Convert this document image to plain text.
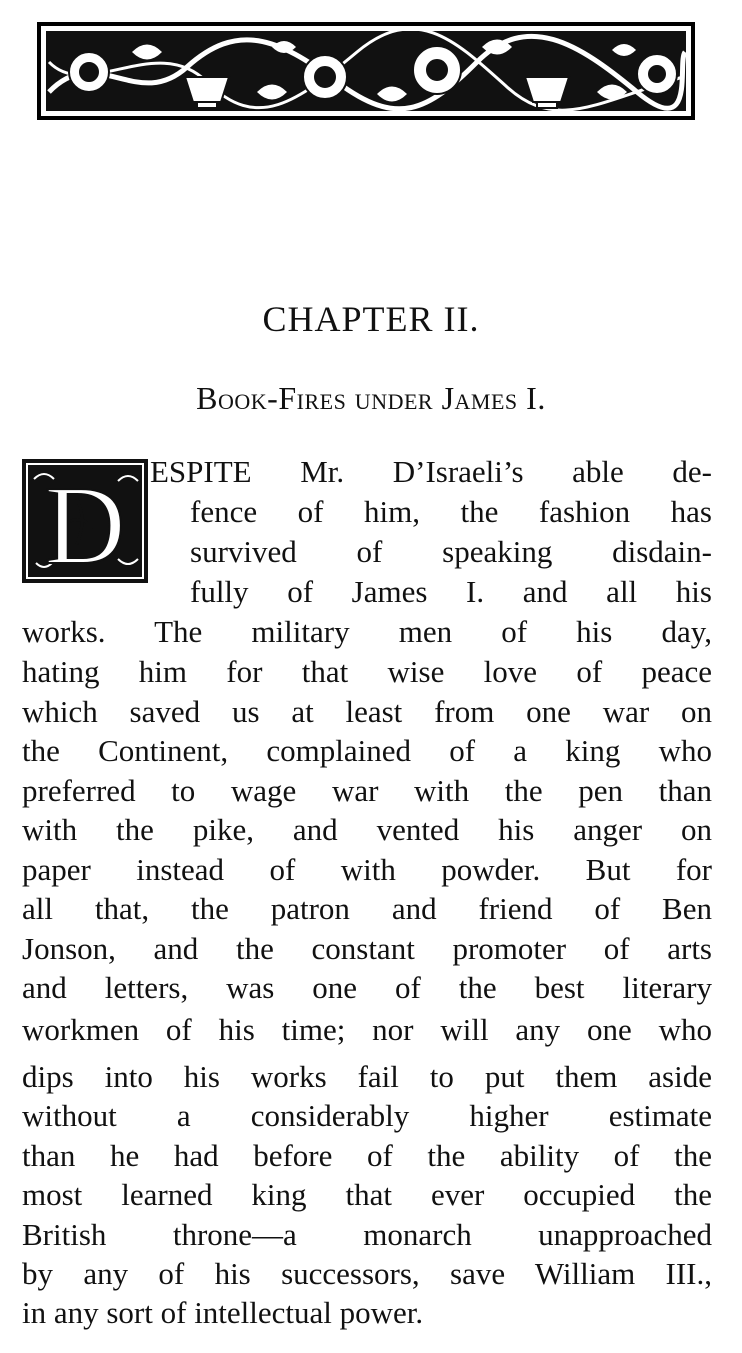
CHAPTER II.
Book-Fires under James I.
D ESPITE Mr. D’Israeli’s able de-

fence of him, the fashion has

survived of speaking disdain-

fully of James I. and all his

works. The military men of his day,

hating him for that wise love of peace

which saved us at least from one war on

the Continent, complained of a king who

preferred to wage war with the pen than

with the pike, and vented his anger on

paper instead of with powder. But for

all that, the patron and friend of Ben

Jonson, and the constant promoter of arts

and letters, was one of the best literary

workmen of his time; nor will any one who

dips into his works fail to put them aside

without a considerably higher estimate

than he had before of the ability of the

most learned king that ever occupied the

British throne—a monarch unapproached

by any of his successors, save William III.,

in any sort of intellectual power.
